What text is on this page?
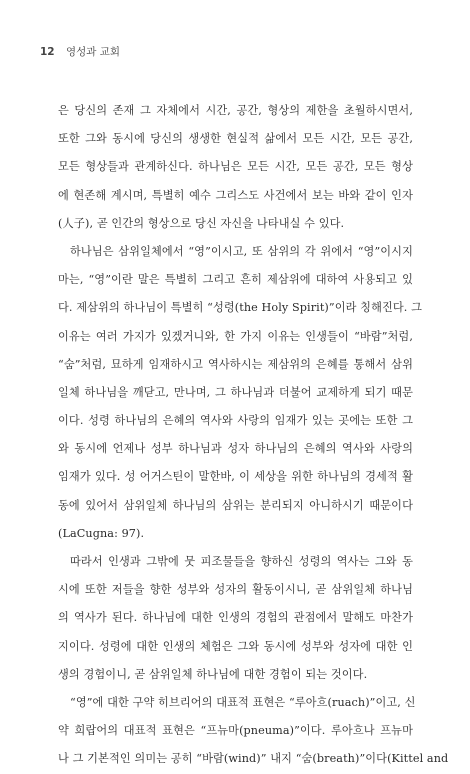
12 영성과 교회
은 당신의 존재 그 자체에서 시간, 공간, 형상의 제한을 초월하시면서,
또한 그와 동시에 당신의 생생한 현실적 삶에서 모든 시간, 모든 공간,
모든 형상들과 관계하신다. 하나님은 모든 시간, 모든 공간, 모든 형상
에 현존해 계시며, 특별히 예수 그리스도 사건에서 보는 바와 같이 인자
(人子), 곧 인간의 형상으로 당신 자신을 나타내실 수 있다.
하나님은 삼위일체에서 “영”이시고, 또 삼위의 각 위에서 “영”이시지
마는, “영”이란 말은 특별히 그리고 흔히 제삼위에 대하여 사용되고 있
다. 제삼위의 하나님이 특별히 “성령(the Holy Spirit)”이라 칭해진다. 그
이유는 여러 가지가 있겠거니와, 한 가지 이유는 인생들이 “바람”처럼,
“숨”처럼, 묘하게 임재하시고 역사하시는 제삼위의 은혜를 통해서 삼위
일체 하나님을 깨닫고, 만나며, 그 하나님과 더불어 교제하게 되기 때문
이다. 성령 하나님의 은혜의 역사와 사랑의 임재가 있는 곳에는 또한 그
와 동시에 언제나 성부 하나님과 성자 하나님의 은혜의 역사와 사랑의
임재가 있다. 성 어거스틴이 말한바, 이 세상을 위한 하나님의 경세적 활
동에 있어서 삼위일체 하나님의 삼위는 분리되지 아니하시기 때문이다
(LaCugna: 97).
따라서 인생과 그밖에 뭇 피조물들을 향하신 성령의 역사는 그와 동
시에 또한 저들을 향한 성부와 성자의 활동이시니, 곧 삼위일체 하나님
의 역사가 된다. 하나님에 대한 인생의 경험의 관점에서 말해도 마찬가
지이다. 성령에 대한 인생의 체험은 그와 동시에 성부와 성자에 대한 인
생의 경험이니, 곧 삼위일체 하나님에 대한 경험이 되는 것이다.
“영”에 대한 구약 히브리어의 대표적 표현은 “루아흐(ruach)”이고, 신
약 희랍어의 대표적 표현은 “프뉴마(pneuma)”이다. 루아흐나 프뉴마
나 그 기본적인 의미는 공히 “바람(wind)” 내지 “숨(breath)”이다(Kittel and
